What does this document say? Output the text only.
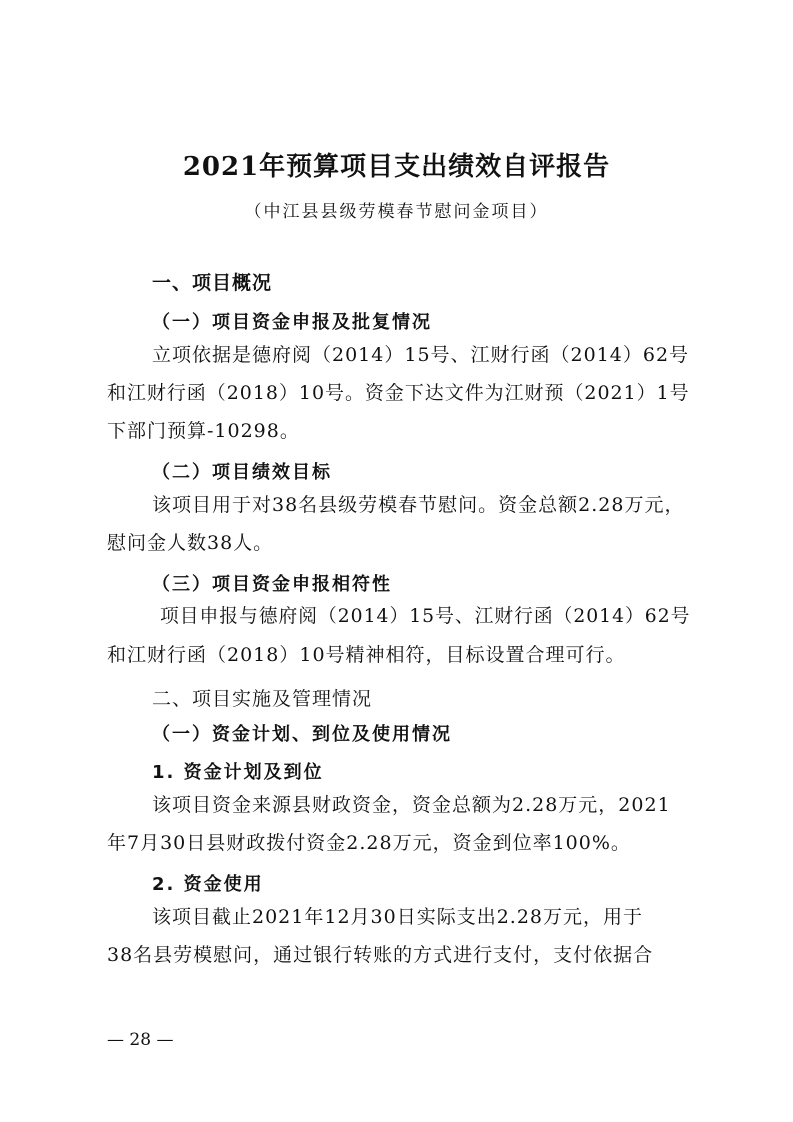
2021年预算项目支出绩效自评报告
（中江县县级劳模春节慰问金项目）
一、项目概况
（一）项目资金申报及批复情况
立项依据是德府阅（2014）15号、江财行函（2014）62号
和江财行函（2018）10号。资金下达文件为江财预（2021）1号
下部门预算-10298。
（二）项目绩效目标
该项目用于对38名县级劳模春节慰问。资金总额2.28万元，
慰问金人数38人。
（三）项目资金申报相符性
项目申报与德府阅（2014）15号、江财行函（2014）62号
和江财行函（2018）10号精神相符，目标设置合理可行。
二、项目实施及管理情况
（一）资金计划、到位及使用情况
1. 资金计划及到位
该项目资金来源县财政资金，资金总额为2.28万元，2021
年7月30日县财政拨付资金2.28万元，资金到位率100%。
2. 资金使用
该项目截止2021年12月30日实际支出2.28万元，用于
38名县劳模慰问，通过银行转账的方式进行支付，支付依据合
— 28 —
